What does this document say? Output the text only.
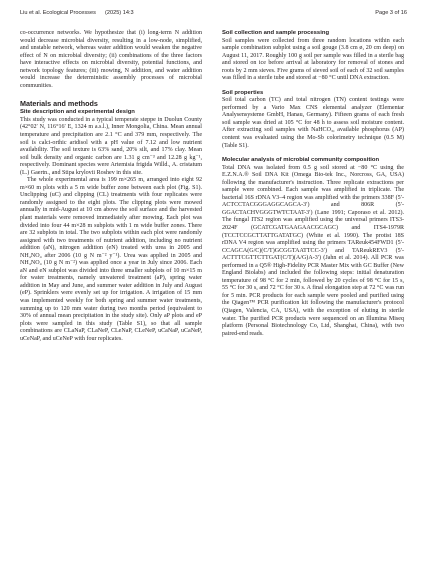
Liu et al. Ecological Processes (2025) 14:3	Page 3 of 16

co-occurrence networks. We hypothesize that (i) long-term N addition would decrease microbial diversity, resulting in a low-node, simplified, and unstable network, whereas water addition would weaken the negative effect of N on microbial diversity; (ii) combinations of the three factors have interactive effects on microbial diversity, potential functions, and network topology features; (iii) mowing, N addition, and water addition would increase the deterministic assembly processes of microbial communities.

Materials and methods
Site description and experimental design

This study was conducted in a typical temperate steppe in Duolun County (42°02′ N, 116°16′ E, 1324 m a.s.l.), Inner Mongolia, China. Mean annual temperature and precipitation are 2.1 °C and 379 mm, respectively. The soil is calci-orthic aridisol with a pH value of 7.12 and low nutrient availability. The soil texture is 63% sand, 20% silt, and 17% clay. Mean soil bulk density and organic carbon are 1.31 g cm⁻³ and 12.28 g kg⁻¹, respectively. Dominant species were Artemisia frigida Willd., A. cristatum (L.) Gaertn., and Stipa krylovii Roshev in this site.

The whole experimental area is 199 m×265 m, arranged into eight 92 m×60 m plots with a 5 m wide buffer zone between each plot (Fig. S1). Unclipping (uC) and clipping (CL) treatments with four replicates were randomly assigned to the eight plots. The clipping plots were mowed annually in mid-August at 10 cm above the soil surface and the harvested plant materials were removed immediately after mowing. Each plot was divided into four 44 m×28 m subplots with 1 m wide buffer zones. There are 32 subplots in total. The two subplots within each plot were randomly assigned with two treatments of nutrient addition, including no nutrient addition (aN), nitrogen addition (eN) treated with urea in 2005 and NH₄NO₄ after 2006 (10 g N m⁻² y⁻¹). Urea was applied in 2005 and NH₄NO₄ (10 g N m⁻²) was applied once a year in July since 2006. Each aN and eN subplot was divided into three smaller subplots of 10 m×15 m for water treatments, namely unwatered treatment (aP), spring water addition in May and June, and summer water addition in July and August (eP). Sprinklers were evenly set up for irrigation. A irrigation of 15 mm was implemented weekly for both spring and summer water treatments, summing up to 120 mm water during two months period (equivalent to 30% of annual mean precipitation in the study site). Only aP plots and eP plots were sampled in this study (Table S1), so that all sample combinations are CLaNaP, CLaNeP, CLeNaP, CLeNeP, uCaNaP, uCaNeP, uCeNaP, and uCeNeP with four replicates.

Soil collection and sample processing

Soil samples were collected from three random locations within each sample combination subplot using a soil gouge (3.8 cm ø, 20 cm deep) on August 11, 2017. Roughly 100 g soil per sample was filled in a sterile bag and stored on ice before arrival at laboratory for removal of stones and roots by 2 mm sieves. Five grams of sieved soil of each of 32 soil samples was filled in a sterile tube and stored at −80 °C until DNA extraction.

Soil properties

Soil total carbon (TC) and total nitrogen (TN) content testings were performed by a Vario Max CNS elemental analyzer (Elementar Analysensysteme GmbH, Hanau, Germany). Fifteen grams of each fresh soil sample was dried at 105 °C for 48 h to assess soil moisture content. After extracting soil samples with NaHCO₃, available phosphorus (AP) content was evaluated using the Mo-Sb colorimetry technique (0.5 M) (Table S1).

Molecular analysis of microbial community composition

Total DNA was isolated from 0.5 g soil stored at −80 °C using the E.Z.N.A.® Soil DNA Kit (Omega Bio-tek Inc., Norcross, GA, USA) following the manufacturer's instruction. Three replicate extractions per sample were combined. Each sample was amplified in triplicate. The bacterial 16S rDNA V3–4 region was amplified with the primers 338F (5′-ACTCCTACGGGAGGCAGCA-3′) and 806R (5′-GGACTACHVGGGTWTCTAAT-3′) (Lane 1991; Caporaso et al. 2012). The fungal ITS2 region was amplified using the universal primers ITS3-2024F (GCATCGATGAAGAACGCAGC) and ITS4-1979R (TCCTCCGCTTATTGATATGC) (White et al. 1990). The protist 18S rDNA V4 region was amplified using the primers TAReuk454FWD1 (5′-CCAGCA(G/C)(C/T)GCGGTAATTCC-3′) and TAReukREV3 (5′-ACTTTCGTTCTTGAT(C/T)(A/G)A-3′) (Jahn et al. 2014). All PCR was performed in a Q5® High-Fidelity PCR Master Mix with GC Buffer (New England Biolabs) and included the following steps: initial denaturation temperature of 98 °C for 2 min, followed by 20 cycles of 98 °C for 15 s, 55 °C for 30 s, and 72 °C for 30 s. A final elongation step at 72 °C was run for 5 min. PCR products for each sample were pooled and purified using the Qiagen™ PCR purification kit following the manufacturer's protocol (Qiagen, Valencia, CA, USA), with the exception of eluting in sterile water. The purified PCR products were sequenced on an Illumina Miseq platform (Personal Biotechnology Co, Ltd, Shanghai, China), with two paired-end reads.
